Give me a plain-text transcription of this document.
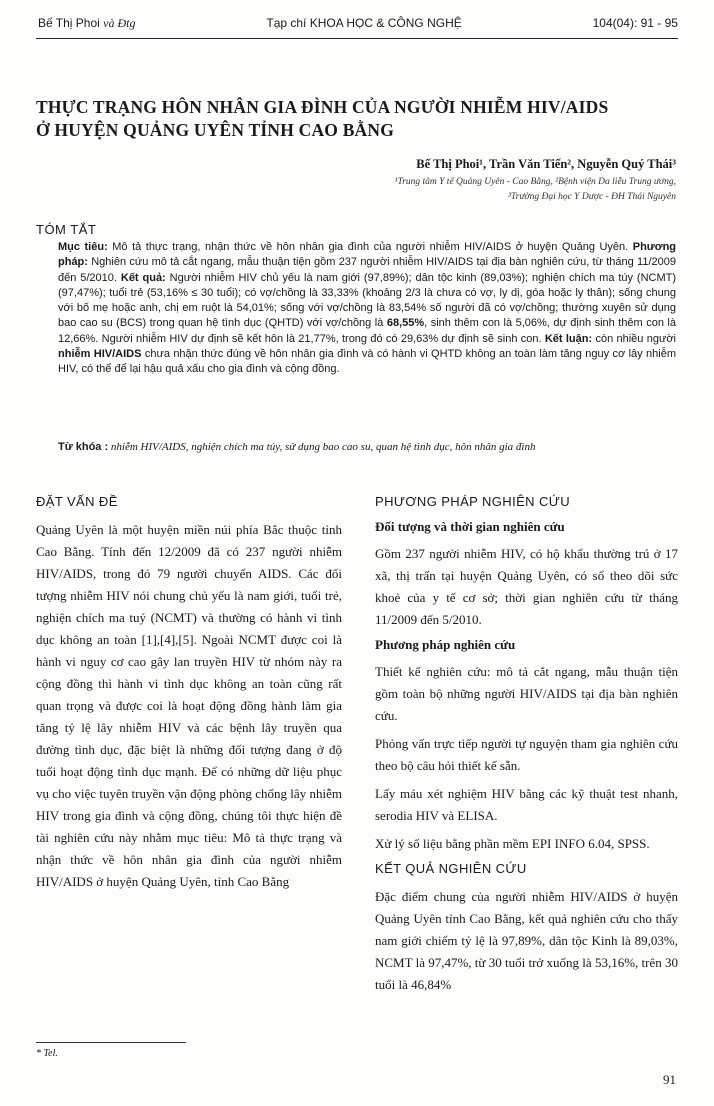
Bế Thị Phoi và Đtg	Tạp chí KHOA HỌC & CÔNG NGHỆ	104(04): 91 - 95
THỰC TRẠNG HÔN NHÂN GIA ĐÌNH CỦA NGƯỜI NHIỄM HIV/AIDS
Ở HUYỆN QUẢNG UYÊN TỈNH CAO BẰNG
Bế Thị Phoi¹, Trần Văn Tiến², Nguyễn Quý Thái³
¹Trung tâm Y tế Quảng Uyên - Cao Bằng, ²Bệnh viện Da liễu Trung ương,
³Trường Đại học Y Dược - ĐH Thái Nguyên
TÓM TẮT

Mục tiêu: Mô tả thực trạng, nhận thức về hôn nhân gia đình của người nhiễm HIV/AIDS ở huyện Quảng Uyên. Phương pháp: Nghiên cứu mô tả cắt ngang, mẫu thuận tiện gồm 237 người nhiễm HIV/AIDS tại địa bàn nghiên cứu, từ tháng 11/2009 đến 5/2010. Kết quả: Người nhiễm HIV chủ yếu là nam giới (97,89%); dân tộc kinh (89,03%); nghiện chích ma túy (NCMT) (97,47%); tuổi trẻ (53,16% ≤ 30 tuổi); có vợ/chồng là 33,33% (khoảng 2/3 là chưa có vợ, ly dị, góa hoặc ly thân); sống chung với bố mẹ hoặc anh, chị em ruột là 54,01%; sống với vợ/chồng là 83,54% số người đã có vợ/chồng; thường xuyên sử dụng bao cao su (BCS) trong quan hệ tình dục (QHTD) với vợ/chồng là 68,55%, sinh thêm con là 5,06%, dự định sinh thêm con là 12,66%. Người nhiễm HIV dự định sẽ kết hôn là 21,77%, trong đó có 29,63% dự định sẽ sinh con. Kết luận: còn nhiều người nhiễm HIV/AIDS chưa nhận thức đúng về hôn nhân gia đình và có hành vi QHTD không an toàn làm tăng nguy cơ lây nhiễm HIV, có thể để lại hậu quả xấu cho gia đình và cộng đồng.

Từ khóa : nhiễm HIV/AIDS, nghiện chích ma túy, sử dụng bao cao su, quan hệ tình dục, hôn nhân gia đình

ĐẶT VẤN ĐỀ

Quảng Uyên là một huyện miền núi phía Bắc thuộc tỉnh Cao Bằng. Tính đến 12/2009 đã có 237 người nhiễm HIV/AIDS, trong đó 79 người chuyển AIDS. Các đối tượng nhiễm HIV nói chung chủ yếu là nam giới, tuổi trẻ, nghiện chích ma tuý (NCMT) và thường có hành vi tình dục không an toàn [1],[4],[5]. Ngoài NCMT được coi là hành vi nguy cơ cao gây lan truyền HIV từ nhóm này ra cộng đồng thì hành vi tình dục không an toàn cũng rất quan trọng và được coi là hoạt động đồng hành làm gia tăng tỷ lệ lây nhiễm HIV và các bệnh lây truyền qua đường tình dục, đặc biệt là những đối tượng đang ở độ tuổi hoạt động tình dục mạnh. Để có những dữ liệu phục vụ cho việc tuyên truyền vận động phòng chống lây nhiễm HIV trong gia đình và cộng đồng, chúng tôi thực hiện đề tài nghiên cứu này nhằm mục tiêu: Mô tả thực trạng và nhận thức về hôn nhân gia đình của người nhiễm HIV/AIDS ở huyện Quảng Uyên, tỉnh Cao Bằng

PHƯƠNG PHÁP NGHIÊN CỨU
Đối tượng và thời gian nghiên cứu

Gồm 237 người nhiễm HIV, có hộ khẩu thường trú ở 17 xã, thị trấn tại huyện Quảng Uyên, có sổ theo dõi sức khoẻ của y tế cơ sở; thời gian nghiên cứu từ tháng 11/2009 đến 5/2010.

Phương pháp nghiên cứu

Thiết kế nghiên cứu: mô tả cắt ngang, mẫu thuận tiện gồm toàn bộ những người HIV/AIDS tại địa bàn nghiên cứu.

Phỏng vấn trực tiếp người tự nguyện tham gia nghiên cứu theo bộ câu hỏi thiết kế sẵn.

Lấy máu xét nghiệm HIV bằng các kỹ thuật test nhanh, serodia HIV và ELISA.

Xử lý số liệu bằng phần mềm EPI INFO 6.04, SPSS.

KẾT QUẢ NGHIÊN CỨU

Đặc điểm chung của người nhiễm HIV/AIDS ở huyện Quảng Uyên tỉnh Cao Bằng, kết quả nghiên cứu cho thấy nam giới chiếm tỷ lệ là 97,89%, dân tộc Kinh là 89,03%, NCMT là 97,47%, từ 30 tuổi trở xuống là 53,16%, trên 30 tuổi là 46,84%

* Tel.
91
